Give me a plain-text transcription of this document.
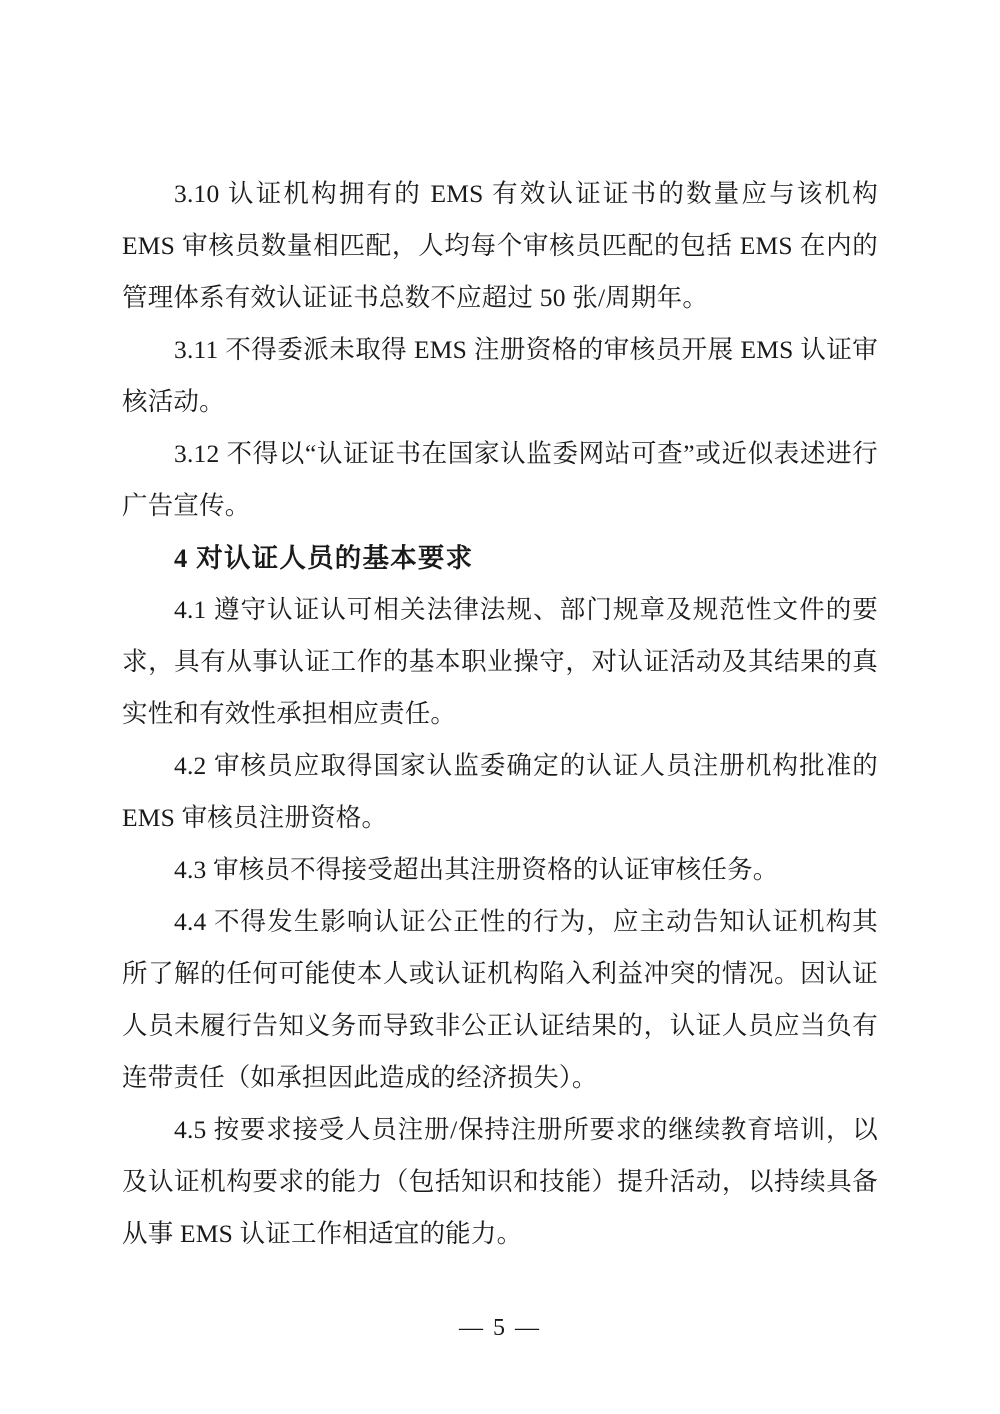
3.10 认证机构拥有的 EMS 有效认证证书的数量应与该机构 EMS 审核员数量相匹配，人均每个审核员匹配的包括 EMS 在内的管理体系有效认证证书总数不应超过 50 张/周期年。

3.11 不得委派未取得 EMS 注册资格的审核员开展 EMS 认证审核活动。

3.12 不得以“认证证书在国家认监委网站可查”或近似表述进行广告宣传。

4 对认证人员的基本要求

4.1 遵守认证认可相关法律法规、部门规章及规范性文件的要求，具有从事认证工作的基本职业操守，对认证活动及其结果的真实性和有效性承担相应责任。

4.2 审核员应取得国家认监委确定的认证人员注册机构批准的 EMS 审核员注册资格。

4.3 审核员不得接受超出其注册资格的认证审核任务。

4.4 不得发生影响认证公正性的行为，应主动告知认证机构其所了解的任何可能使本人或认证机构陷入利益冲突的情况。因认证人员未履行告知义务而导致非公正认证结果的，认证人员应当负有连带责任（如承担因此造成的经济损失）。

4.5 按要求接受人员注册/保持注册所要求的继续教育培训，以及认证机构要求的能力（包括知识和技能）提升活动，以持续具备从事 EMS 认证工作相适宜的能力。

— 5 —
